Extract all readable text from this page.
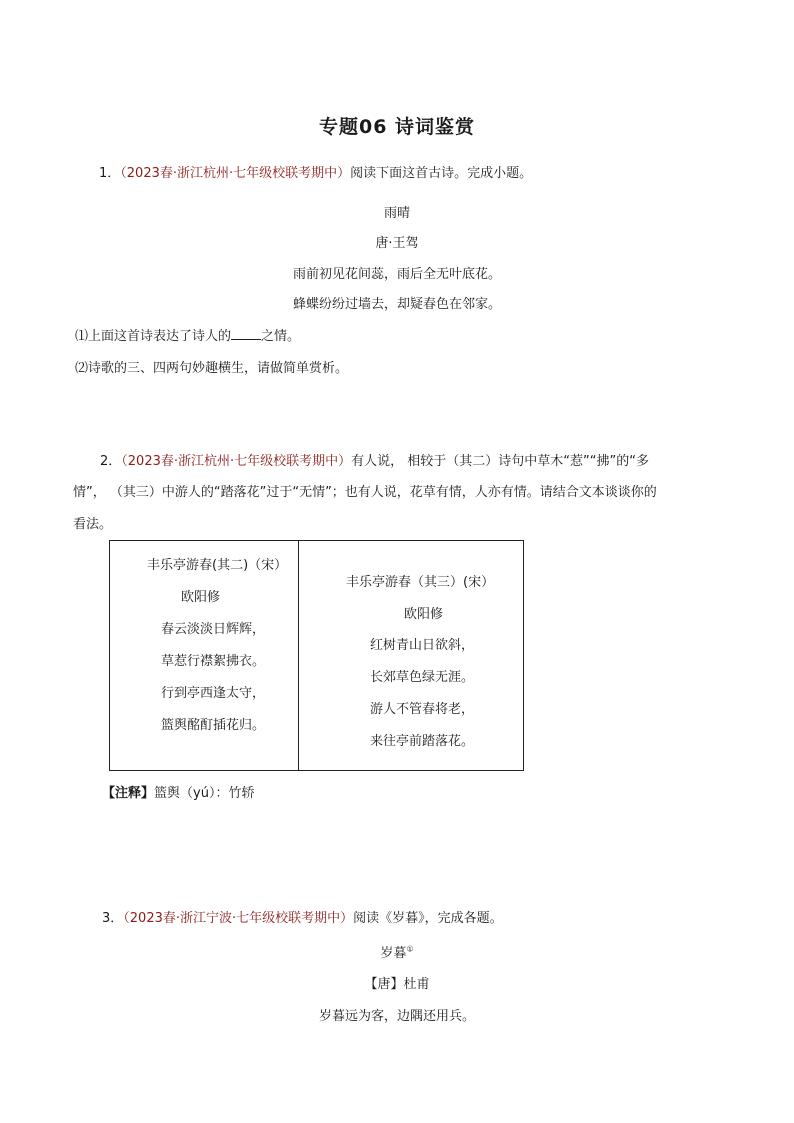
专题06 诗词鉴赏
1．（2023春·浙江杭州·七年级校联考期中）阅读下面这首古诗。完成小题。
雨晴
唐·王驾
雨前初见花间蕊，雨后全无叶底花。
蜂蝶纷纷过墙去，却疑春色在邻家。
⑴上面这首诗表达了诗人的 之情。
⑵诗歌的三、四两句妙趣横生，请做简单赏析。
2．（2023春·浙江杭州·七年级校联考期中）有人说， 相较于（其二）诗句中草木“惹”“拂”的“多
情”， （其三）中游人的“踏落花”过于“无情”；也有人说，花草有情，人亦有情。请结合文本谈谈你的
看法。
丰乐亭游春(其二)（宋）
欧阳修
春云淡淡日辉辉，
草惹行襟絮拂衣。
行到亭西逢太守，
篮舆酩酊插花归。
丰乐亭游春（其三）(宋）
欧阳修
红树青山日欲斜，
长郊草色绿无涯。
游人不管春将老，
来往亭前踏落花。
【注释】篮舆（yú）：竹轿
3．（2023春·浙江宁波·七年级校联考期中）阅读《岁暮》，完成各题。
岁暮①
【唐】杜甫
岁暮远为客，边隅还用兵。
